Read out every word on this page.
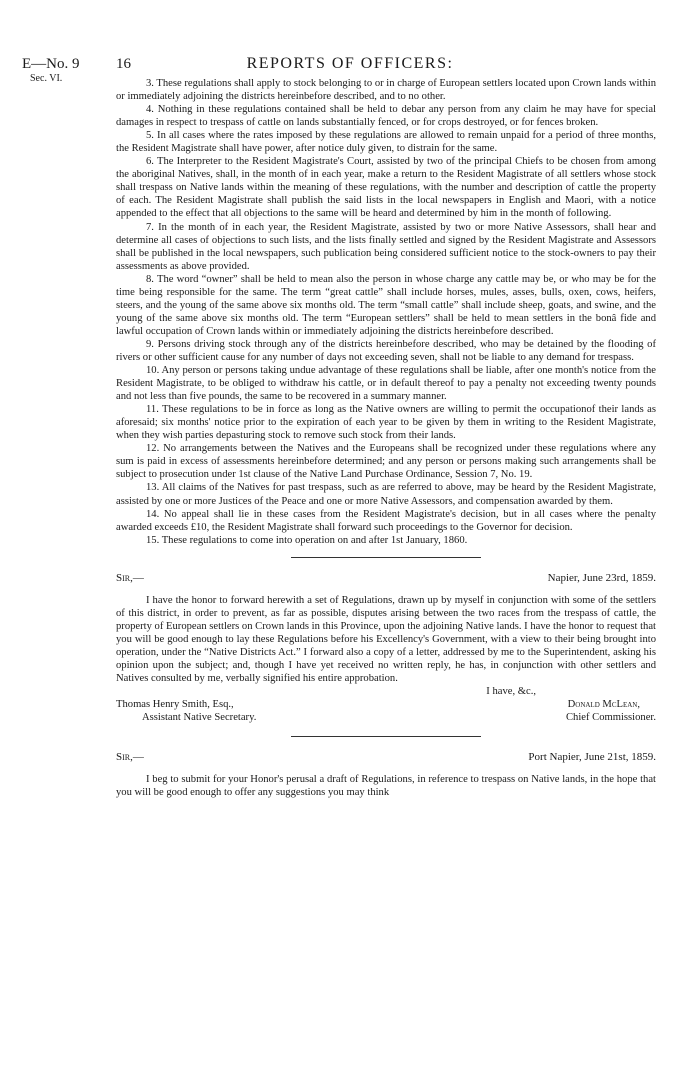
E—No. 9
Sec. VI.
16	REPORTS OF OFFICERS:

3. These regulations shall apply to stock belonging to or in charge of European settlers located upon Crown lands within or immediately adjoining the districts hereinbefore described, and to no other.

4. Nothing in these regulations contained shall be held to debar any person from any claim he may have for special damages in respect to trespass of cattle on lands substantially fenced, or for crops destroyed, or for fences broken.

5. In all cases where the rates imposed by these regulations are allowed to remain unpaid for a period of three months, the Resident Magistrate shall have power, after notice duly given, to distrain for the same.

6. The Interpreter to the Resident Magistrate's Court, assisted by two of the principal Chiefs to be chosen from among the aboriginal Natives, shall, in the month of in each year, make a return to the Resident Magistrate of all settlers whose stock shall trespass on Native lands within the meaning of these regulations, with the number and description of cattle the property of each. The Resident Magistrate shall publish the said lists in the local newspapers in English and Maori, with a notice appended to the effect that all objections to the same will be heard and determined by him in the month of following.

7. In the month of in each year, the Resident Magistrate, assisted by two or more Native Assessors, shall hear and determine all cases of objections to such lists, and the lists finally settled and signed by the Resident Magistrate and Assessors shall be published in the local newspapers, such publication being considered sufficient notice to the stock-owners to pay their assessments as above provided.

8. The word “owner” shall be held to mean also the person in whose charge any cattle may be, or who may be for the time being responsible for the same. The term “great cattle” shall include horses, mules, asses, bulls, oxen, cows, heifers, steers, and the young of the same above six months old. The term “small cattle” shall include sheep, goats, and swine, and the young of the same above six months old. The term “European settlers” shall be held to mean settlers in the bonâ fide and lawful occupation of Crown lands within or immediately adjoining the districts hereinbefore described.

9. Persons driving stock through any of the districts hereinbefore described, who may be detained by the flooding of rivers or other sufficient cause for any number of days not exceeding seven, shall not be liable to any demand for trespass.

10. Any person or persons taking undue advantage of these regulations shall be liable, after one month's notice from the Resident Magistrate, to be obliged to withdraw his cattle, or in default thereof to pay a penalty not exceeding twenty pounds and not less than five pounds, the same to be recovered in a summary manner.

11. These regulations to be in force as long as the Native owners are willing to permit the occupationof their lands as aforesaid; six months' notice prior to the expiration of each year to be given by them in writing to the Resident Magistrate, when they wish parties depasturing stock to remove such stock from their lands.

12. No arrangements between the Natives and the Europeans shall be recognized under these regulations where any sum is paid in excess of assessments hereinbefore determined; and any person or persons making such arrangements shall be subject to prosecution under 1st clause of the Native Land Purchase Ordinance, Session 7, No. 19.

13. All claims of the Natives for past trespass, such as are referred to above, may be heard by the Resident Magistrate, assisted by one or more Justices of the Peace and one or more Native Assessors, and compensation awarded by them.

14. No appeal shall lie in these cases from the Resident Magistrate's decision, but in all cases where the penalty awarded exceeds £10, the Resident Magistrate shall forward such proceedings to the Governor for decision.

15. These regulations to come into operation on and after 1st January, 1860.

Sir,—	Napier, June 23rd, 1859.

I have the honor to forward herewith a set of Regulations, drawn up by myself in conjunction with some of the settlers of this district, in order to prevent, as far as possible, disputes arising between the two races from the trespass of cattle, the property of European settlers on Crown lands in this Province, upon the adjoining Native lands. I have the honor to request that you will be good enough to lay these Regulations before his Excellency's Government, with a view to their being brought into operation, under the “Native Districts Act.” I forward also a copy of a letter, addressed by me to the Superintendent, asking his opinion upon the subject; and, though I have yet received no written reply, he has, in conjunction with other settlers and Natives consulted by me, verbally signified his entire approbation.

I have, &c.,
Thomas Henry Smith, Esq.,
Assistant Native Secretary.
Donald McLean,
Chief Commissioner.
Sir,—	Port Napier, June 21st, 1859.

I beg to submit for your Honor's perusal a draft of Regulations, in reference to trespass on Native lands, in the hope that you will be good enough to offer any suggestions you may think
